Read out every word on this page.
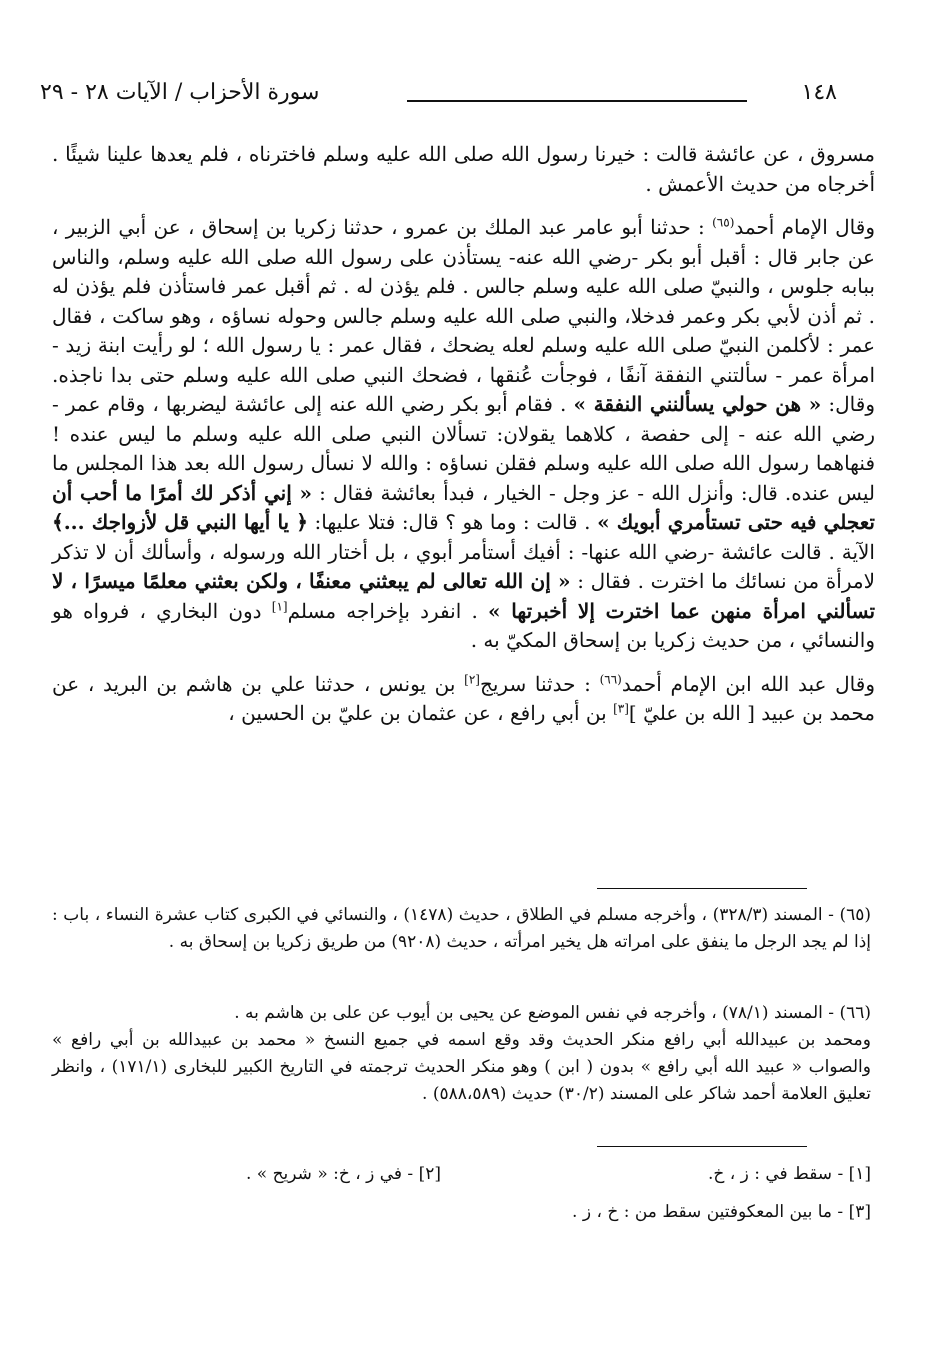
١٤٨
سورة الأحزاب / الآيات ٢٨ - ٢٩

مسروق ، عن عائشة قالت : خيرنا رسول الله صلى الله عليه وسلم فاخترناه ، فلم يعدها علينا شيئًا . أخرجاه من حديث الأعمش .

وقال الإمام أحمد$^{(٦٥)}$ : حدثنا أبو عامر عبد الملك بن عمرو ، حدثنا زكريا بن إسحاق ، عن أبي الزبير ، عن جابر قال : أقبل أبو بكر -رضي الله عنه- يستأذن على رسول الله صلى الله عليه وسلم، والناس ببابه جلوس ، والنبيّ صلى الله عليه وسلم جالس . فلم يؤذن له . ثم أقبل عمر فاستأذن فلم يؤذن له . ثم أذن لأبي بكر وعمر فدخلا، والنبي صلى الله عليه وسلم جالس وحوله نساؤه ، وهو ساكت ، فقال عمر : لأكلمن النبيّ صلى الله عليه وسلم لعله يضحك ، فقال عمر : يا رسول الله ؛ لو رأيت ابنة زيد - امرأة عمر - سألتني النفقة آنفًا ، فوجأت عُنقها ، فضحك النبي صلى الله عليه وسلم حتى بدا ناجذه. وقال: « هن حولي يسألنني النفقة » . فقام أبو بكر رضي الله عنه إلى عائشة ليضربها ، وقام عمر - رضي الله عنه - إلى حفصة ، كلاهما يقولان: تسألان النبي صلى الله عليه وسلم ما ليس عنده ! فنهاهما رسول الله صلى الله عليه وسلم فقلن نساؤه : والله لا نسأل رسول الله بعد هذا المجلس ما ليس عنده. قال: وأنزل الله - عز وجل - الخيار ، فبدأ بعائشة فقال : « إني أذكر لك أمرًا ما أحب أن تعجلي فيه حتى تستأمري أبويك » . قالت : وما هو ؟ قال: فتلا عليها: ﴿ يا أيها النبي قل لأزواجك ...﴾ الآية . قالت عائشة -رضي الله عنها- : أفيك أستأمر أبوي ، بل أختار الله ورسوله ، وأسألك أن لا تذكر لامرأة من نسائك ما اخترت . فقال : « إن الله تعالى لم يبعثني معنفًا ، ولكن بعثني معلمًا ميسرًا ، لا تسألني امرأة منهن عما اخترت إلا أخبرتها » . انفرد بإخراجه مسلم[١] دون البخاري ، فرواه هو والنسائي ، من حديث زكريا بن إسحاق المكيّ به .

وقال عبد الله ابن الإمام أحمد$^{(٦٦)}$ : حدثنا سريج[٢] بن يونس ، حدثنا علي بن هاشم بن البريد ، عن محمد بن عبيد [ الله بن عليّ ][٣] بن أبي رافع ، عن عثمان بن عليّ بن الحسين ،

(٦٥) - المسند (٣٢٨/٣) ، وأخرجه مسلم في الطلاق ، حديث (١٤٧٨) ، والنسائي في الكبرى كتاب عشرة النساء ، باب : إذا لم يجد الرجل ما ينفق على امراته هل يخير امرأته ، حديث (٩٢٠٨) من طريق زكريا بن إسحاق به .
(٦٦) - المسند (٧٨/١) ، وأخرجه في نفس الموضع عن يحيى بن أيوب عن على بن هاشم به .
ومحمد بن عبيدالله أبي رافع منكر الحديث وقد وقع اسمه في جميع النسخ « محمد بن عبيدالله بن أبي رافع » والصواب « عبيد الله أبي رافع » بدون ( ابن ) وهو منكر الحديث ترجمته في التاريخ الكبير للبخارى (١٧١/١) ، وانظر تعليق العلامة أحمد شاكر على المسند (٣٠/٢) حديث (٥٨٨،٥٨٩) .
[١] - سقط في : ز ، خ.
[٢] - في ز ، خ: « شريح » .
[٣] - ما بين المعكوفتين سقط من : خ ، ز .
